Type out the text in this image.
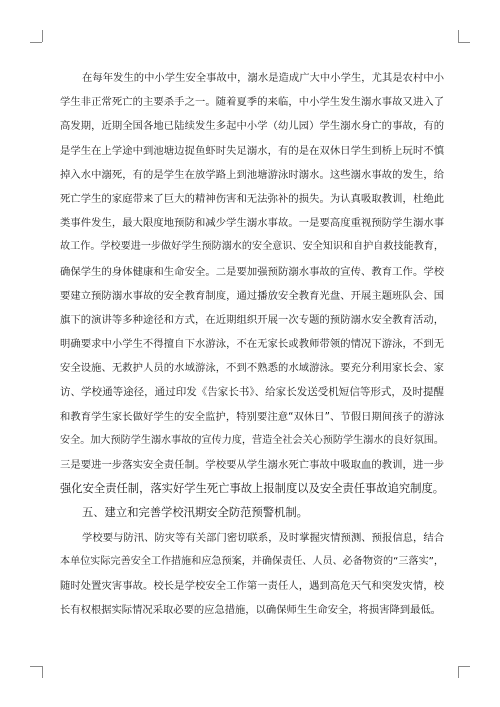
在每年发生的中小学生安全事故中，溺水是造成广大中小学生，尤其是农村中小
学生非正常死亡的主要杀手之一。随着夏季的来临，中小学生发生溺水事故又进入了
高发期，近期全国各地已陆续发生多起中小学（幼儿园）学生溺水身亡的事故，有的
是学生在上学途中到池塘边捉鱼虾时失足溺水，有的是在双休日学生到桥上玩时不慎
掉入水中溺死，有的是学生在放学路上到池塘游泳时溺水。这些溺水事故的发生，给
死亡学生的家庭带来了巨大的精神伤害和无法弥补的损失。为认真吸取教训，杜绝此
类事件发生，最大限度地预防和减少学生溺水事故。一是要高度重视预防学生溺水事
故工作。学校要进一步做好学生预防溺水的安全意识、安全知识和自护自救技能教育，
确保学生的身体健康和生命安全。二是要加强预防溺水事故的宣传、教育工作。学校
要建立预防溺水事故的安全教育制度，通过播放安全教育光盘、开展主题班队会、国
旗下的演讲等多种途径和方式，在近期组织开展一次专题的预防溺水安全教育活动，
明确要求中小学生不得擅自下水游泳，不在无家长或教师带领的情况下游泳，不到无
安全设施、无救护人员的水域游泳，不到不熟悉的水域游泳。要充分利用家长会、家
访、学校通等途径，通过印发《告家长书》、给家长发送受机短信等形式，及时提醒
和教育学生家长做好学生的安全监护，特别要注意“双休日”、节假日期间孩子的游泳
安全。加大预防学生溺水事故的宣传力度，营造全社会关心预防学生溺水的良好氛围。
三是要进一步落实安全责任制。学校要从学生溺水死亡事故中吸取血的教训，进一步
强化安全责任制，落实好学生死亡事故上报制度以及安全责任事故追究制度。
五、建立和完善学校汛期安全防范预警机制。
学校要与防汛、防灾等有关部门密切联系，及时掌握灾情预测、预报信息，结合
本单位实际完善安全工作措施和应急预案，并确保责任、人员、必备物资的“三落实”，
随时处置灾害事故。校长是学校安全工作第一责任人，遇到高危天气和突发灾情，校
长有权根据实际情况采取必要的应急措施，以确保师生生命安全，将损害降到最低。
